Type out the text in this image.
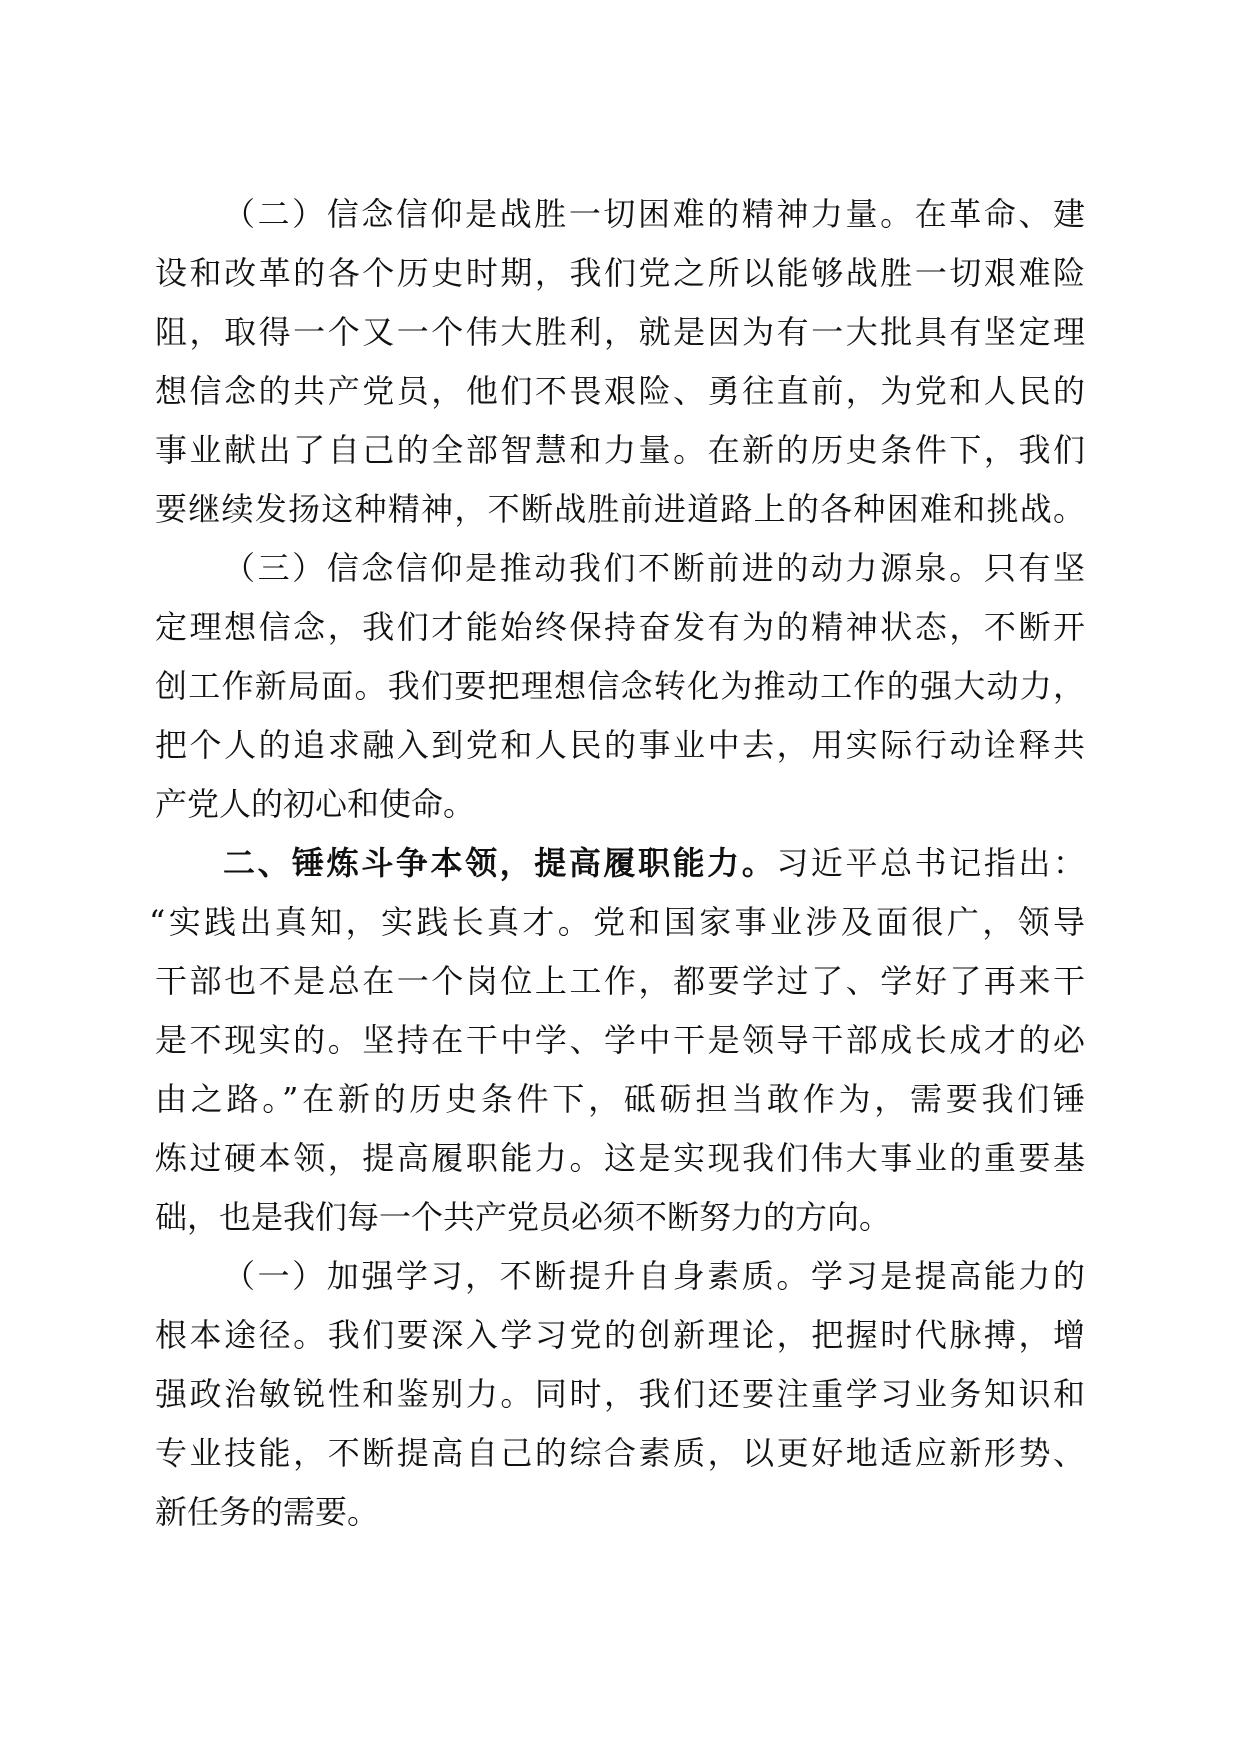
（二）信念信仰是战胜一切困难的精神力量。在革命、建
设和改革的各个历史时期，我们党之所以能够战胜一切艰难险
阻，取得一个又一个伟大胜利，就是因为有一大批具有坚定理
想信念的共产党员，他们不畏艰险、勇往直前，为党和人民的
事业献出了自己的全部智慧和力量。在新的历史条件下，我们
要继续发扬这种精神，不断战胜前进道路上的各种困难和挑战。
（三）信念信仰是推动我们不断前进的动力源泉。只有坚
定理想信念，我们才能始终保持奋发有为的精神状态，不断开
创工作新局面。我们要把理想信念转化为推动工作的强大动力，
把个人的追求融入到党和人民的事业中去，用实际行动诠释共
产党人的初心和使命。
二、锤炼斗争本领，提高履职能力。习近平总书记指出：
“实践出真知，实践长真才。党和国家事业涉及面很广，领导
干部也不是总在一个岗位上工作，都要学过了、学好了再来干
是不现实的。坚持在干中学、学中干是领导干部成长成才的必
由之路。”在新的历史条件下，砥砺担当敢作为，需要我们锤
炼过硬本领，提高履职能力。这是实现我们伟大事业的重要基
础，也是我们每一个共产党员必须不断努力的方向。
（一）加强学习，不断提升自身素质。学习是提高能力的
根本途径。我们要深入学习党的创新理论，把握时代脉搏，增
强政治敏锐性和鉴别力。同时，我们还要注重学习业务知识和
专业技能，不断提高自己的综合素质，以更好地适应新形势、
新任务的需要。
